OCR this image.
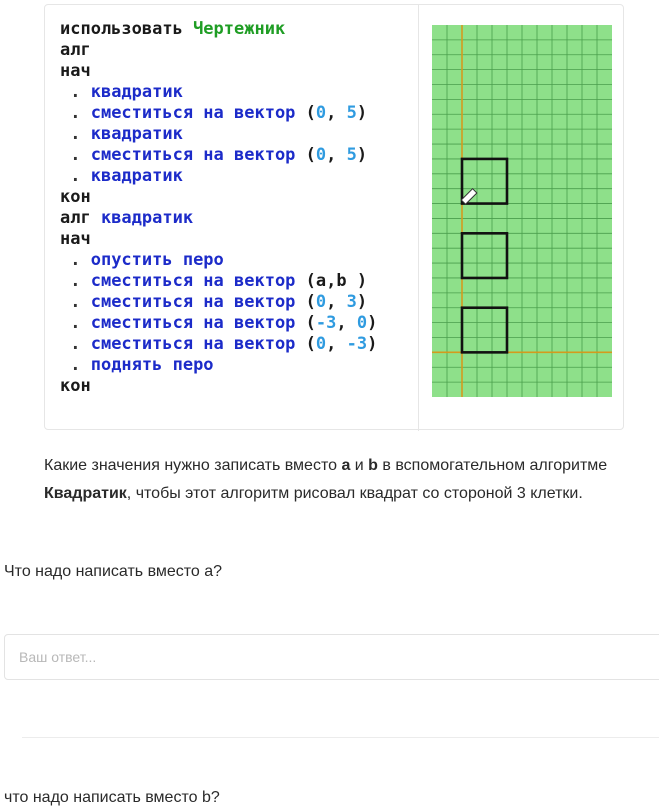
использовать Чертежник
алг
нач
. квадратик
. сместиться на вектор (0, 5)
. квадратик
. сместиться на вектор (0, 5)
. квадратик
кон
алг квадратик
нач
. опустить перо
. сместиться на вектор (a,b )
. сместиться на вектор (0, 3)
. сместиться на вектор (-3, 0)
. сместиться на вектор (0, -3)
. поднять перо
кон
Какие значения нужно записать вместо a и b в вспомогательном алгоритме
Квадратик, чтобы этот алгоритм рисовал квадрат со стороной 3 клетки.
Что надо написать вместо a?
Ваш ответ...
что надо написать вместо b?
